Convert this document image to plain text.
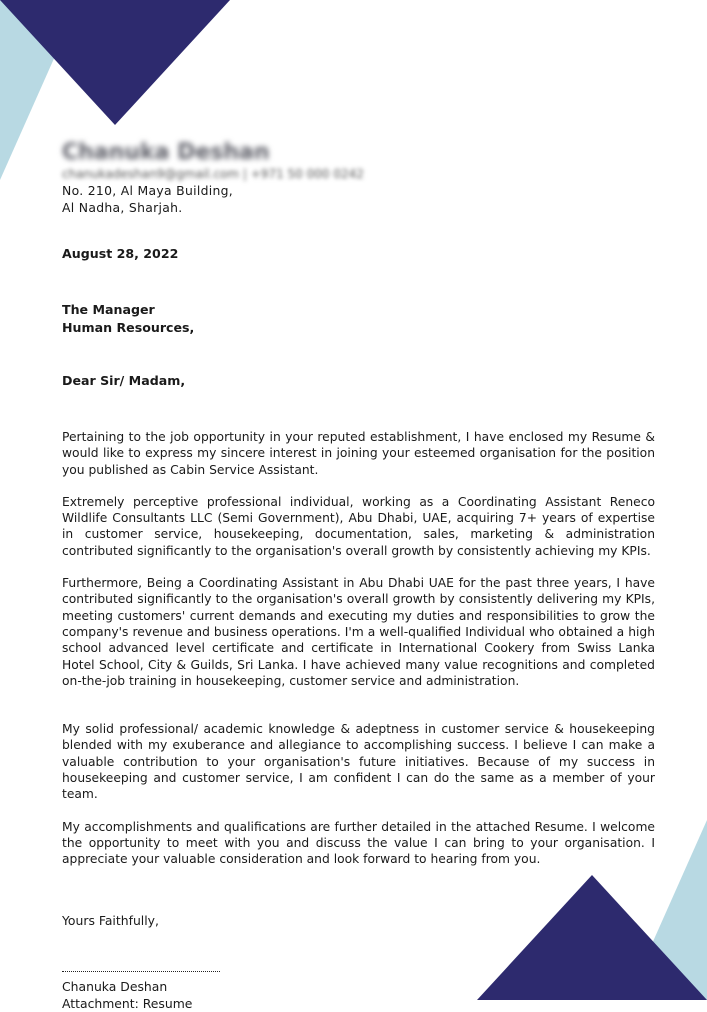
Chanuka Deshan
chanukadeshan9@gmail.com | +971 50 000 0242
No. 210, Al Maya Building,
Al Nadha, Sharjah.
August 28, 2022
The Manager
Human Resources,
Dear Sir/ Madam,

Pertaining to the job opportunity in your reputed establishment, I have enclosed my Resume & would like to express my sincere interest in joining your esteemed organisation for the position you published as Cabin Service Assistant.

Extremely perceptive professional individual, working as a Coordinating Assistant Reneco Wildlife Consultants LLC (Semi Government), Abu Dhabi, UAE, acquiring 7+ years of expertise in customer service, housekeeping, documentation, sales, marketing & administration contributed significantly to the organisation's overall growth by consistently achieving my KPIs.

Furthermore, Being a Coordinating Assistant in Abu Dhabi UAE for the past three years, I have contributed significantly to the organisation's overall growth by consistently delivering my KPIs, meeting customers' current demands and executing my duties and responsibilities to grow the company's revenue and business operations. I'm a well-qualified Individual who obtained a high school advanced level certificate and certificate in International Cookery from Swiss Lanka Hotel School, City & Guilds, Sri Lanka. I have achieved many value recognitions and completed on-the-job training in housekeeping, customer service and administration.

My solid professional/ academic knowledge & adeptness in customer service & housekeeping blended with my exuberance and allegiance to accomplishing success. I believe I can make a valuable contribution to your organisation's future initiatives. Because of my success in housekeeping and customer service, I am confident I can do the same as a member of your team.

My accomplishments and qualifications are further detailed in the attached Resume. I welcome the opportunity to meet with you and discuss the value I can bring to your organisation. I appreciate your valuable consideration and look forward to hearing from you.

Yours Faithfully,
Chanuka Deshan
Attachment: Resume
